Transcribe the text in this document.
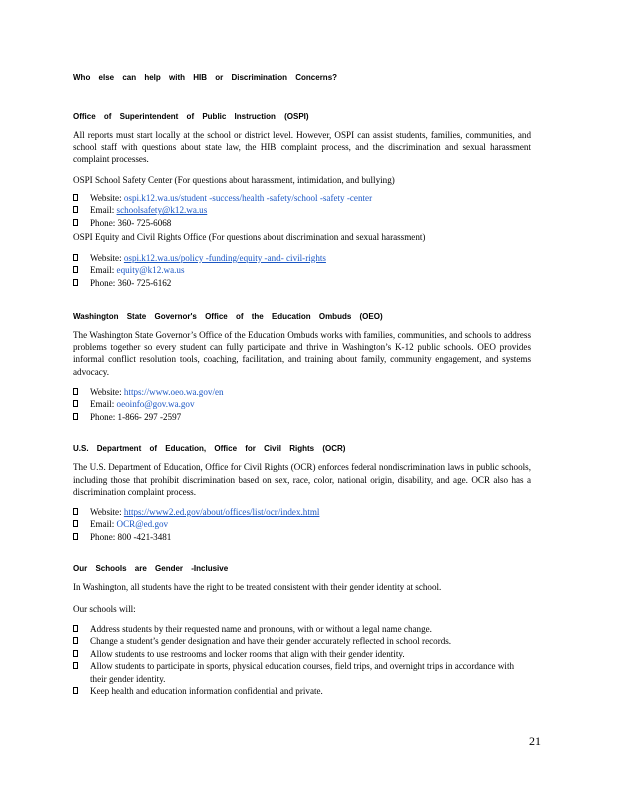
Who else can help with HIB or Discrimination Concerns?
Office of Superintendent of Public Instruction (OSPI)

All reports must start locally at the school or district level. However, OSPI can assist students, families, communities, and school staff with questions about state law, the HIB complaint process, and the discrimination and sexual harassment complaint processes.

OSPI School Safety Center (For questions about harassment, intimidation, and bullying)

Website: ospi.k12.wa.us/student -success/health -safety/school -safety -center
Email: schoolsafety@k12.wa.us
Phone: 360- 725-6068

OSPI Equity and Civil Rights Office (For questions about discrimination and sexual harassment)

Website: ospi.k12.wa.us/policy -funding/equity -and- civil-rights
Email: equity@k12.wa.us
Phone: 360- 725-6162
Washington State Governor's Office of the Education Ombuds (OEO)

The Washington State Governor’s Office of the Education Ombuds works with families, communities, and schools to address problems together so every student can fully participate and thrive in Washington’s K-12 public schools. OEO provides informal conflict resolution tools, coaching, facilitation, and training about family, community engagement, and systems advocacy.

Website: https://www.oeo.wa.gov/en
Email: oeoinfo@gov.wa.gov
Phone: 1-866- 297 -2597
U.S. Department of Education, Office for Civil Rights (OCR)

The U.S. Department of Education, Office for Civil Rights (OCR) enforces federal nondiscrimination laws in public schools, including those that prohibit discrimination based on sex, race, color, national origin, disability, and age. OCR also has a discrimination complaint process.

Website: https://www2.ed.gov/about/offices/list/ocr/index.html
Email: OCR@ed.gov
Phone: 800 -421-3481
Our Schools are Gender -Inclusive

In Washington, all students have the right to be treated consistent with their gender identity at school.

Our schools will:

Address students by their requested name and pronouns, with or without a legal name change.
Change a student’s gender designation and have their gender accurately reflected in school records.
Allow students to use restrooms and locker rooms that align with their gender identity.
Allow students to participate in sports, physical education courses, field trips, and overnight trips in accordance with their gender identity.
Keep health and education information confidential and private.
21
